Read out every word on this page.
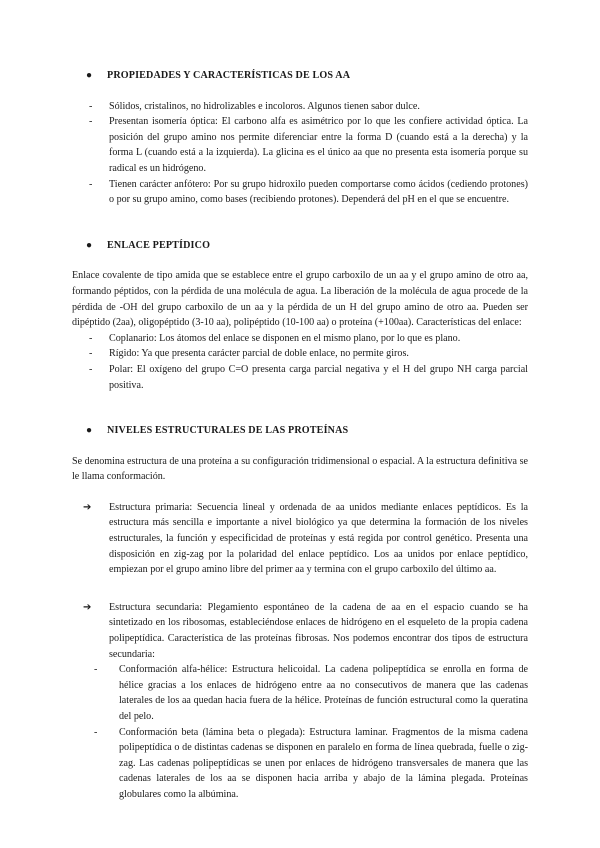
● PROPIEDADES Y CARACTERÍSTICAS DE LOS AA
- Sólidos, cristalinos, no hidrolizables e incoloros. Algunos tienen sabor dulce.
- Presentan isomería óptica: El carbono alfa es asimétrico por lo que les confiere actividad óptica. La posición del grupo amino nos permite diferenciar entre la forma D (cuando está a la derecha) y la forma L (cuando está a la izquierda). La glicina es el único aa que no presenta esta isomería porque su radical es un hidrógeno.
- Tienen carácter anfótero: Por su grupo hidroxilo pueden comportarse como ácidos (cediendo protones) o por su grupo amino, como bases (recibiendo protones). Dependerá del pH en el que se encuentre.
● ENLACE PEPTÍDICO
Enlace covalente de tipo amida que se establece entre el grupo carboxilo de un aa y el grupo amino de otro aa, formando péptidos, con la pérdida de una molécula de agua. La liberación de la molécula de agua procede de la pérdida de -OH del grupo carboxilo de un aa y la pérdida de un H del grupo amino de otro aa. Pueden ser dipéptido (2aa), oligopéptido (3-10 aa), polipéptido (10-100 aa) o proteína (+100aa). Características del enlace:
- Coplanario: Los átomos del enlace se disponen en el mismo plano, por lo que es plano.
- Rígido: Ya que presenta carácter parcial de doble enlace, no permite giros.
- Polar: El oxígeno del grupo C=O presenta carga parcial negativa y el H del grupo NH carga parcial positiva.
● NIVELES ESTRUCTURALES DE LAS PROTEÍNAS
Se denomina estructura de una proteína a su configuración tridimensional o espacial. A la estructura definitiva se le llama conformación.
➔ Estructura primaria: Secuencia lineal y ordenada de aa unidos mediante enlaces peptídicos. Es la estructura más sencilla e importante a nivel biológico ya que determina la formación de los niveles estructurales, la función y especificidad de proteínas y está regida por control genético. Presenta una disposición en zig-zag por la polaridad del enlace peptídico. Los aa unidos por enlace peptídico, empiezan por el grupo amino libre del primer aa y termina con el grupo carboxilo del último aa.
➔ Estructura secundaria: Plegamiento espontáneo de la cadena de aa en el espacio cuando se ha sintetizado en los ribosomas, estableciéndose enlaces de hidrógeno en el esqueleto de la propia cadena polipeptídica. Característica de las proteínas fibrosas. Nos podemos encontrar dos tipos de estructura secundaria:
- Conformación alfa-hélice: Estructura helicoidal. La cadena polipeptídica se enrolla en forma de hélice gracias a los enlaces de hidrógeno entre aa no consecutivos de manera que las cadenas laterales de los aa quedan hacia fuera de la hélice. Proteínas de función estructural como la queratina del pelo.
- Conformación beta (lámina beta o plegada): Estructura laminar. Fragmentos de la misma cadena polipeptídica o de distintas cadenas se disponen en paralelo en forma de línea quebrada, fuelle o zig-zag. Las cadenas polipeptídicas se unen por enlaces de hidrógeno transversales de manera que las cadenas laterales de los aa se disponen hacia arriba y abajo de la lámina plegada. Proteínas globulares como la albúmina.
